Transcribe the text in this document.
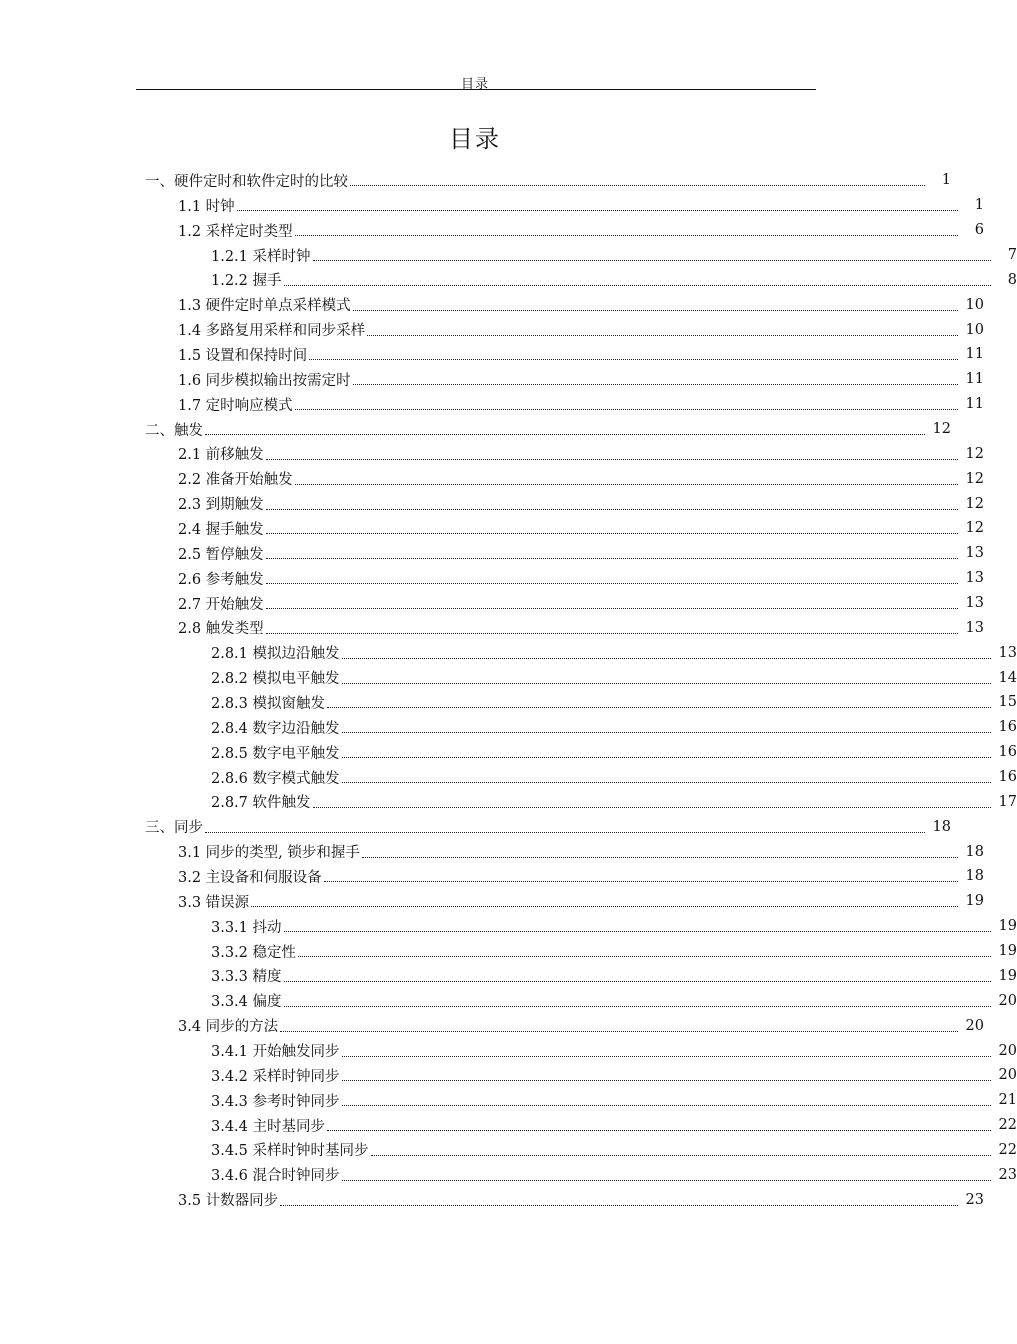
目录
目录
一、硬件定时和软件定时的比较	1
1.1 时钟	1
1.2 采样定时类型	6
1.2.1 采样时钟	7
1.2.2 握手	8
1.3 硬件定时单点采样模式	10
1.4 多路复用采样和同步采样	10
1.5 设置和保持时间	11
1.6 同步模拟输出按需定时	11
1.7 定时响应模式	11
二、触发	12
2.1 前移触发	12
2.2 准备开始触发	12
2.3 到期触发	12
2.4 握手触发	12
2.5 暂停触发	13
2.6 参考触发	13
2.7 开始触发	13
2.8 触发类型	13
2.8.1 模拟边沿触发	13
2.8.2 模拟电平触发	14
2.8.3 模拟窗触发	15
2.8.4 数字边沿触发	16
2.8.5 数字电平触发	16
2.8.6 数字模式触发	16
2.8.7 软件触发	17
三、同步	18
3.1 同步的类型, 锁步和握手	18
3.2 主设备和伺服设备	18
3.3 错误源	19
3.3.1 抖动	19
3.3.2 稳定性	19
3.3.3 精度	19
3.3.4 偏度	20
3.4 同步的方法	20
3.4.1 开始触发同步	20
3.4.2 采样时钟同步	20
3.4.3 参考时钟同步	21
3.4.4 主时基同步	22
3.4.5 采样时钟时基同步	22
3.4.6 混合时钟同步	23
3.5 计数器同步	23
